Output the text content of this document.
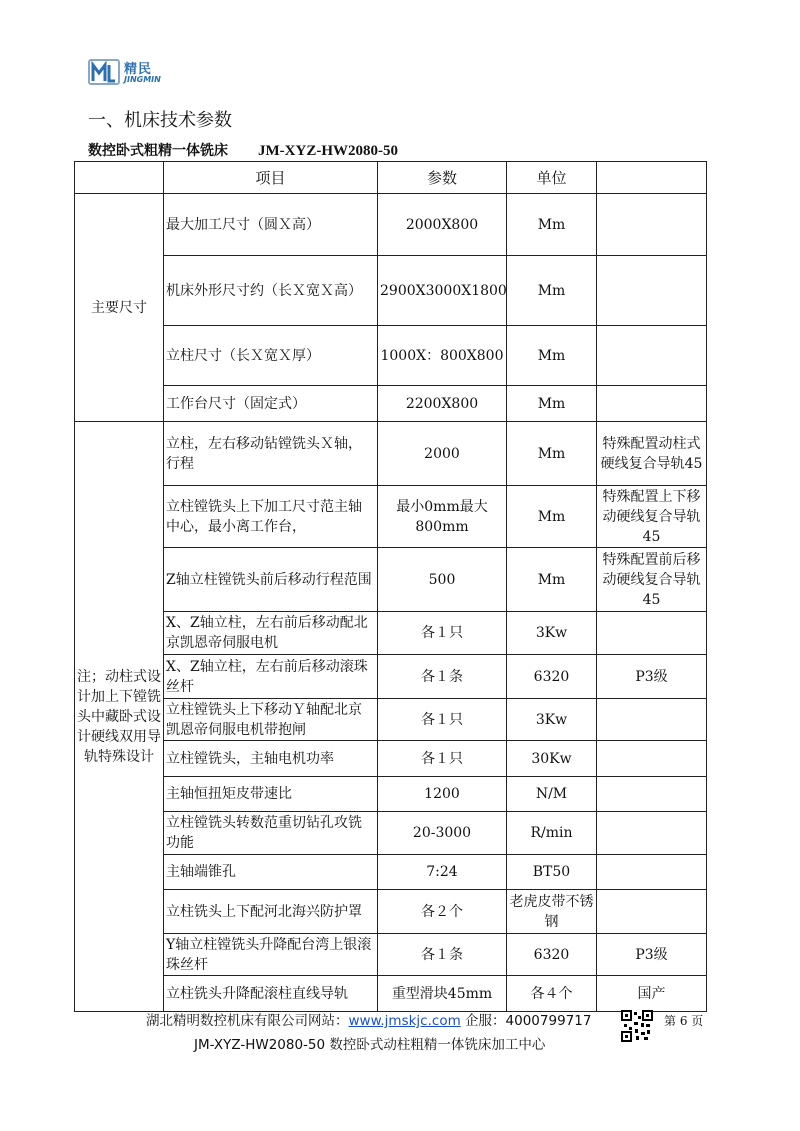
精民
JINGMIN
一、机床技术参数
数控卧式粗精一体铣床 JM-XYZ-HW2080-50
	项目	参数	单位	
主要尺寸	最大加工尺寸（圆Ｘ高）	2000X800	Mm	
	机床外形尺寸约（长Ｘ宽Ｘ高）	2900X3000X1800	Mm	
	立柱尺寸（长Ｘ宽Ｘ厚）	1000X：800X800	Mm	
	工作台尺寸（固定式）	2200X800	Mm	
注；动柱式设计加上下镗铣头中藏卧式设计硬线双用导轨特殊设计	立柱，左右移动钻镗铣头Ｘ轴，行程	2000	Mm	特殊配置动柱式硬线复合导轨45
	立柱镗铣头上下加工尺寸范主轴中心，最小离工作台，	最小0mm最大800mm	Mm	特殊配置上下移动硬线复合导轨45
	Z轴立柱镗铣头前后移动行程范围	500	Mm	特殊配置前后移动硬线复合导轨45
	X、Z轴立柱，左右前后移动配北京凯恩帝伺服电机	各１只	3Kw	
	X、Z轴立柱，左右前后移动滚珠丝杆	各１条	6320	P3级
	立柱镗铣头上下移动Ｙ轴配北京凯恩帝伺服电机带抱闸	各１只	3Kw	
	立柱镗铣头，主轴电机功率	各１只	30Kw	
	主轴恒扭矩皮带速比	1200	N/M	
	立柱镗铣头转数范重切钻孔攻铣功能	20-3000	R/min	
	主轴端锥孔	7:24	BT50	
	立柱铣头上下配河北海兴防护罩	各２个	老虎皮带不锈钢	
	Y轴立柱镗铣头升降配台湾上银滚珠丝杆	各１条	6320	P3级
	立柱铣头升降配滚柱直线导轨	重型滑块45mm	各４个	国产
湖北精明数控机床有限公司网站：www.jmskjc.com 企服：4000799717	第 6 页
JM-XYZ-HW2080-50 数控卧式动柱粗精一体铣床加工中心
